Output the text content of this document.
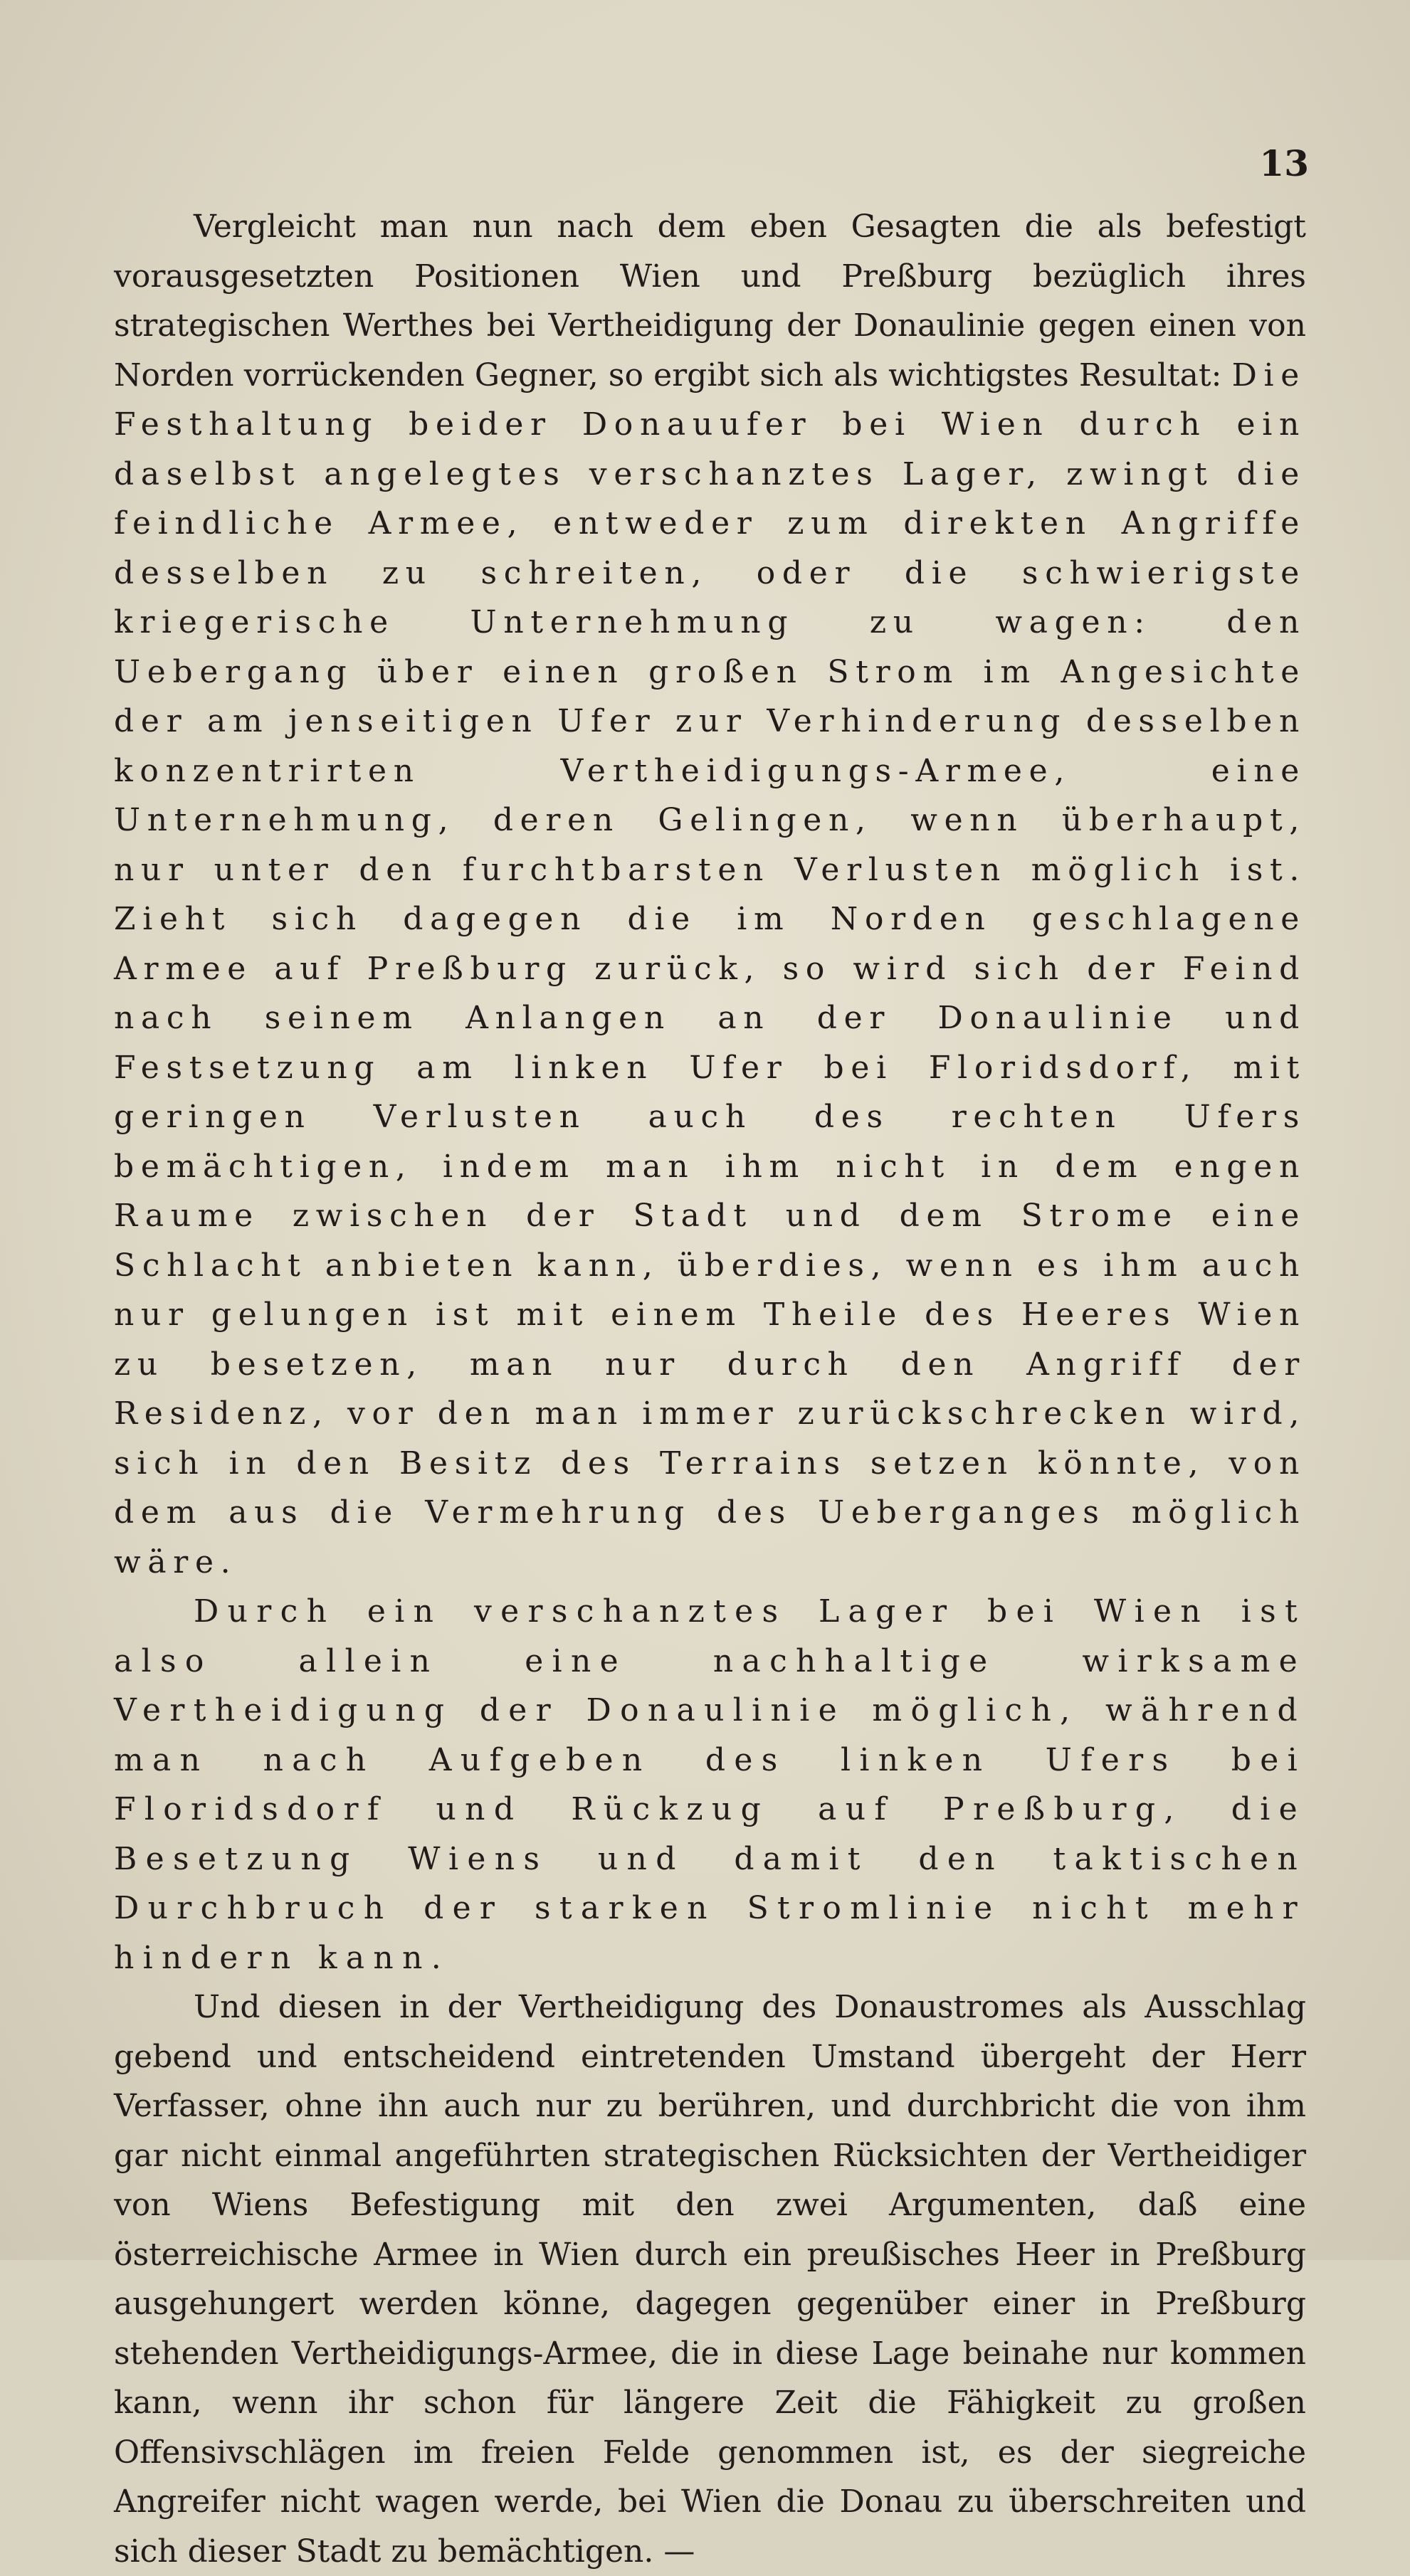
13

Vergleicht man nun nach dem eben Gesagten die als befestigt vorausgesetzten Positionen Wien und Preßburg bezüglich ihres strategischen Werthes bei Vertheidigung der Donaulinie gegen einen von Norden vorrückenden Gegner, so ergibt sich als wichtigstes Resultat: Die Festhaltung beider Donauufer bei Wien durch ein daselbst angelegtes verschanztes Lager, zwingt die feindliche Armee, entweder zum direkten Angriffe desselben zu schreiten, oder die schwierigste kriegerische Unternehmung zu wagen: den Uebergang über einen großen Strom im Angesichte der am jenseitigen Ufer zur Verhinderung desselben konzentrirten Vertheidigungs-Armee, eine Unternehmung, deren Gelingen, wenn überhaupt, nur unter den furchtbarsten Verlusten möglich ist. Zieht sich dagegen die im Norden geschlagene Armee auf Preßburg zurück, so wird sich der Feind nach seinem Anlangen an der Donaulinie und Festsetzung am linken Ufer bei Floridsdorf, mit geringen Verlusten auch des rechten Ufers bemächtigen, indem man ihm nicht in dem engen Raume zwischen der Stadt und dem Strome eine Schlacht anbieten kann, überdies, wenn es ihm auch nur gelungen ist mit einem Theile des Heeres Wien zu besetzen, man nur durch den Angriff der Residenz, vor den man immer zurückschrecken wird, sich in den Besitz des Terrains setzen könnte, von dem aus die Vermehrung des Ueberganges möglich wäre.

Durch ein verschanztes Lager bei Wien ist also allein eine nachhaltige wirksame Vertheidigung der Donaulinie möglich, während man nach Aufgeben des linken Ufers bei Floridsdorf und Rückzug auf Preßburg, die Besetzung Wiens und damit den taktischen Durchbruch der starken Stromlinie nicht mehr hindern kann.

Und diesen in der Vertheidigung des Donaustromes als Ausschlag gebend und entscheidend eintretenden Umstand übergeht der Herr Verfasser, ohne ihn auch nur zu berühren, und durchbricht die von ihm gar nicht einmal angeführten strategischen Rücksichten der Vertheidiger von Wiens Befestigung mit den zwei Argumenten, daß eine österreichische Armee in Wien durch ein preußisches Heer in Preßburg ausgehungert werden könne, dagegen gegenüber einer in Preßburg stehenden Vertheidigungs-Armee, die in diese Lage beinahe nur kommen kann, wenn ihr schon für längere Zeit die Fähigkeit zu großen Offensivschlägen im freien Felde genommen ist, es der siegreiche Angreifer nicht wagen werde, bei Wien die Donau zu überschreiten und sich dieser Stadt zu bemächtigen. —
